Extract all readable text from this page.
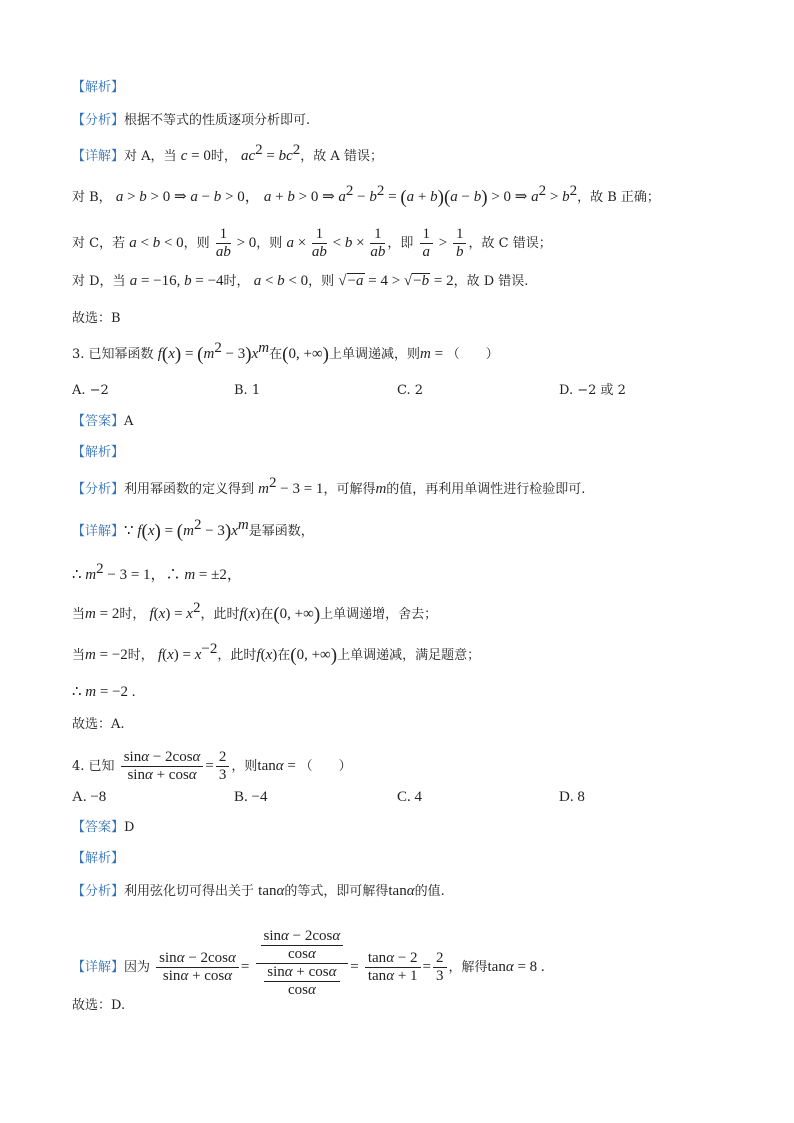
【解析】
【分析】根据不等式的性质逐项分析即可.
【详解】对 A，当 c = 0时， $ac^2 = bc^2$，故 A 错误；
对 B， a > b > 0 ⇒ a − b > 0， a + b > 0 ⇒ $a^2 - b^2 = (a + b)(a - b) > 0$ ⇒ $a^2 > b^2$，故 B 正确；
对 C，若 a < b < 0，则 $\frac{1}{ab} > 0$，则 $a \times \frac{1}{ab} < b \times \frac{1}{ab}$ ，即 $\frac{1}{a} > \frac{1}{b}$ ，故 C 错误；
对 D，当 a = −16, b = −4时， a < b < 0，则 √−a = 4 > √−b = 2，故 D 错误.
故选：B
3. 已知幂函数 $f(x) = (m^2 - 3)x^m$在(0, +∞)上单调递减，则m = （　　）
A. −2	B. 1	C. 2	D. −2 或 2
【答案】A
【解析】
【分析】利用幂函数的定义得到 $m^2 - 3 = 1$，可解得m的值，再利用单调性进行检验即可.
【详解】∵ $f(x) = (m^2 - 3)x^m$是幂函数，
∴ $m^2 - 3 = 1$，∴ m = ±2，
当m = 2时， $f(x) = x^2$，此时f(x)在(0, +∞)上单调递增，舍去；
当m = −2时， $f(x) = x^{-2}$，此时f(x)在(0, +∞)上单调递减，满足题意；
∴ m = −2 .
故选：A.
4. 已知 $\frac{\sin\alpha - 2\cos\alpha}{\sin\alpha + \cos\alpha} = \frac{2}{3}$ ，则tanα = （　　）
A. −8	B. −4	C. 4	D. 8
【答案】D
【解析】
【分析】利用弦化切可得出关于 tanα的等式，即可解得tanα的值.
【详解】因为 $\frac{\sin\alpha - 2\cos\alpha}{\sin\alpha + \cos\alpha} = \frac{\frac{\sin\alpha - 2\cos\alpha}{\cos\alpha}}{\frac{\sin\alpha + \cos\alpha}{\cos\alpha}} = \frac{\tan\alpha - 2}{\tan\alpha + 1} = \frac{2}{3}$ ，解得tanα = 8 .
故选：D.
